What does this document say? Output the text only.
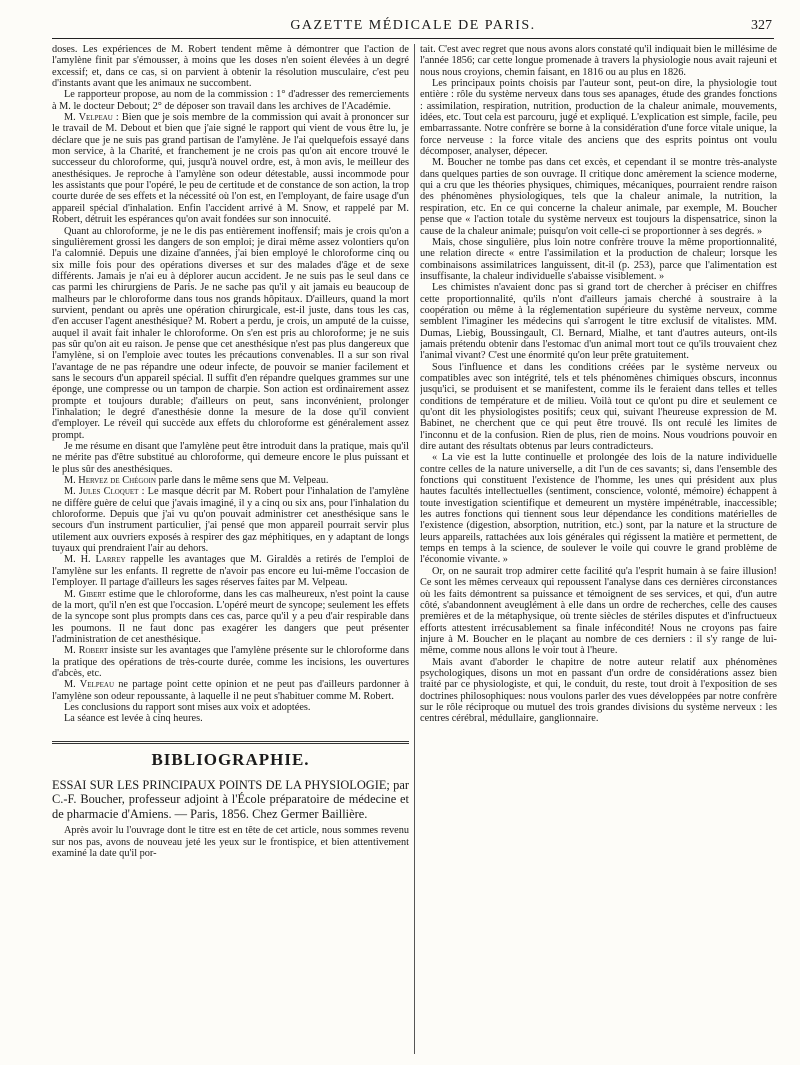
GAZETTE MÉDICALE DE PARIS.	327

doses. Les expériences de M. Robert tendent même à démontrer que l'action de l'amylène finit par s'émousser, à moins que les doses n'en soient élevées à un degré excessif; et, dans ce cas, si on parvient à obtenir la résolution musculaire, c'est peu d'instants avant que les animaux ne succombent.

Le rapporteur propose, au nom de la commission : 1° d'adresser des remerciements à M. le docteur Debout; 2° de déposer son travail dans les archives de l'Académie.

M. Velpeau : Bien que je sois membre de la commission qui avait à prononcer sur le travail de M. Debout et bien que j'aie signé le rapport qui vient de vous être lu, je déclare que je ne suis pas grand partisan de l'amylène. Je l'ai quelquefois essayé dans mon service, à la Charité, et franchement je ne crois pas qu'on ait encore trouvé le successeur du chloroforme, qui, jusqu'à nouvel ordre, est, à mon avis, le meilleur des anesthésiques. Je reproche à l'amylène son odeur détestable, aussi incommode pour les assistants que pour l'opéré, le peu de certitude et de constance de son action, la trop courte durée de ses effets et la nécessité où l'on est, en l'employant, de faire usage d'un appareil spécial d'inhalation. Enfin l'accident arrivé à M. Snow, et rappelé par M. Robert, détruit les espérances qu'on avait fondées sur son innocuité.

Quant au chloroforme, je ne le dis pas entièrement inoffensif; mais je crois qu'on a singulièrement grossi les dangers de son emploi; je dirai même assez volontiers qu'on l'a calomnié. Depuis une dizaine d'années, j'ai bien employé le chloroforme cinq ou six mille fois pour des opérations diverses et sur des malades d'âge et de sexe différents. Jamais je n'ai eu à déplorer aucun accident. Je ne suis pas le seul dans ce cas parmi les chirurgiens de Paris. Je ne sache pas qu'il y ait jamais eu beaucoup de malheurs par le chloroforme dans tous nos grands hôpitaux. D'ailleurs, quand la mort survient, pendant ou après une opération chirurgicale, est-il juste, dans tous les cas, d'en accuser l'agent anesthésique? M. Robert a perdu, je crois, un amputé de la cuisse, auquel il avait fait inhaler le chloroforme. On s'en est pris au chloroforme; je ne suis pas sûr qu'on ait eu raison. Je pense que cet anesthésique n'est pas plus dangereux que l'amylène, si on l'emploie avec toutes les précautions convenables. Il a sur son rival l'avantage de ne pas répandre une odeur infecte, de pouvoir se manier facilement et sans le secours d'un appareil spécial. Il suffit d'en répandre quelques grammes sur une éponge, une compresse ou un tampon de charpie. Son action est ordinairement assez prompte et toujours durable; d'ailleurs on peut, sans inconvénient, prolonger l'inhalation; le degré d'anesthésie donne la mesure de la dose qu'il convient d'employer. Le réveil qui succède aux effets du chloroforme est généralement assez prompt.

Je me résume en disant que l'amylène peut être introduit dans la pratique, mais qu'il ne mérite pas d'être substitué au chloroforme, qui demeure encore le plus puissant et le plus sûr des anesthésiques.

M. Hervez de Chégoin parle dans le même sens que M. Velpeau.

M. Jules Cloquet : Le masque décrit par M. Robert pour l'inhalation de l'amylène ne diffère guère de celui que j'avais imaginé, il y a cinq ou six ans, pour l'inhalation du chloroforme. Depuis que j'ai vu qu'on pouvait administrer cet anesthésique sans le secours d'un instrument particulier, j'ai pensé que mon appareil pourrait servir plus utilement aux ouvriers exposés à respirer des gaz méphitiques, en y adaptant de longs tuyaux qui prendraient l'air au dehors.

M. H. Larrey rappelle les avantages que M. Giraldès a retirés de l'emploi de l'amylène sur les enfants. Il regrette de n'avoir pas encore eu lui-même l'occasion de l'employer. Il partage d'ailleurs les sages réserves faites par M. Velpeau.

M. Gibert estime que le chloroforme, dans les cas malheureux, n'est point la cause de la mort, qu'il n'en est que l'occasion. L'opéré meurt de syncope; seulement les effets de la syncope sont plus prompts dans ces cas, parce qu'il y a peu d'air respirable dans les poumons. Il ne faut donc pas exagérer les dangers que peut présenter l'administration de cet anesthésique.

M. Robert insiste sur les avantages que l'amylène présente sur le chloroforme dans la pratique des opérations de très-courte durée, comme les incisions, les ouvertures d'abcès, etc.

M. Velpeau ne partage point cette opinion et ne peut pas d'ailleurs pardonner à l'amylène son odeur repoussante, à laquelle il ne peut s'habituer comme M. Robert.

Les conclusions du rapport sont mises aux voix et adoptées.

La séance est levée à cinq heures.

BIBLIOGRAPHIE.

ESSAI SUR LES PRINCIPAUX POINTS DE LA PHYSIOLOGIE; par C.-F. Boucher, professeur adjoint à l'École préparatoire de médecine et de pharmacie d'Amiens. — Paris, 1856. Chez Germer Baillière.

Après avoir lu l'ouvrage dont le titre est en tête de cet article, nous sommes revenu sur nos pas, avons de nouveau jeté les yeux sur le frontispice, et bien attentivement examiné la date qu'il por-

tait. C'est avec regret que nous avons alors constaté qu'il indiquait bien le millésime de l'année 1856; car cette longue promenade à travers la physiologie nous avait rajeuni et nous nous croyions, chemin faisant, en 1816 ou au plus en 1826.

Les principaux points choisis par l'auteur sont, peut-on dire, la physiologie tout entière : rôle du système nerveux dans tous ses apanages, étude des grandes fonctions : assimilation, respiration, nutrition, production de la chaleur animale, mouvements, idées, etc. Tout cela est parcouru, jugé et expliqué. L'explication est simple, facile, peu embarrassante. Notre confrère se borne à la considération d'une force vitale unique, la force nerveuse : la force vitale des anciens que des esprits pointus ont voulu décomposer, analyser, dépecer.

M. Boucher ne tombe pas dans cet excès, et cependant il se montre très-analyste dans quelques parties de son ouvrage. Il critique donc amèrement la science moderne, qui a cru que les théories physiques, chimiques, mécaniques, pourraient rendre raison des phénomènes physiologiques, tels que la chaleur animale, la nutrition, la respiration, etc. En ce qui concerne la chaleur animale, par exemple, M. Boucher pense que « l'action totale du système nerveux est toujours la dispensatrice, sinon la cause de la chaleur animale; puisqu'on voit celle-ci se proportionner à ses degrés. »

Mais, chose singulière, plus loin notre confrère trouve la même proportionnalité, une relation directe « entre l'assimilation et la production de chaleur; lorsque les combinaisons assimilatrices languissent, dit-il (p. 253), parce que l'alimentation est insuffisante, la chaleur individuelle s'abaisse visiblement. »

Les chimistes n'avaient donc pas si grand tort de chercher à préciser en chiffres cette proportionnalité, qu'ils n'ont d'ailleurs jamais cherché à soustraire à la coopération ou même à la réglementation supérieure du système nerveux, comme semblent l'imaginer les médecins qui s'arrogent le titre exclusif de vitalistes. MM. Dumas, Liebig, Boussingault, Cl. Bernard, Mialhe, et tant d'autres auteurs, ont-ils jamais prétendu obtenir dans l'estomac d'un animal mort tout ce qu'ils trouvaient chez l'animal vivant? C'est une énormité qu'on leur prête gratuitement.

Sous l'influence et dans les conditions créées par le système nerveux ou compatibles avec son intégrité, tels et tels phénomènes chimiques obscurs, inconnus jusqu'ici, se produisent et se manifestent, comme ils le feraient dans telles et telles conditions de température et de milieu. Voilà tout ce qu'ont pu dire et seulement ce qu'ont dit les physiologistes positifs; ceux qui, suivant l'heureuse expression de M. Babinet, ne cherchent que ce qui peut être trouvé. Ils ont reculé les limites de l'inconnu et de la confusion. Rien de plus, rien de moins. Nous voudrions pouvoir en dire autant des résultats obtenus par leurs contradicteurs.

« La vie est la lutte continuelle et prolongée des lois de la nature individuelle contre celles de la nature universelle, a dit l'un de ces savants; si, dans l'ensemble des fonctions qui constituent l'existence de l'homme, les unes qui président aux plus hautes facultés intellectuelles (sentiment, conscience, volonté, mémoire) échappent à toute investigation scientifique et demeurent un mystère impénétrable, inaccessible; les autres fonctions qui tiennent sous leur dépendance les conditions matérielles de l'existence (digestion, absorption, nutrition, etc.) sont, par la nature et la structure de leurs appareils, rattachées aux lois générales qui régissent la matière et permettent, de temps en temps à la science, de soulever le voile qui couvre le grand problème de l'économie vivante. »

Or, on ne saurait trop admirer cette facilité qu'a l'esprit humain à se faire illusion! Ce sont les mêmes cerveaux qui repoussent l'analyse dans ces dernières circonstances où les faits démontrent sa puissance et témoignent de ses services, et qui, d'un autre côté, s'abandonnent aveuglément à elle dans un ordre de recherches, celle des causes premières et de la métaphysique, où trente siècles de stériles disputes et d'infructueux efforts attestent irrécusablement sa finale infécondité! Nous ne croyons pas faire injure à M. Boucher en le plaçant au nombre de ces derniers : il s'y range de lui-même, comme nous allons le voir tout à l'heure.

Mais avant d'aborder le chapitre de notre auteur relatif aux phénomènes psychologiques, disons un mot en passant d'un ordre de considérations assez bien traité par ce physiologiste, et qui, le conduit, du reste, tout droit à l'exposition de ses doctrines philosophiques: nous voulons parler des vues développées par notre confrère sur le rôle réciproque ou mutuel des trois grandes divisions du système nerveux : les centres cérébral, médullaire, ganglionnaire.
